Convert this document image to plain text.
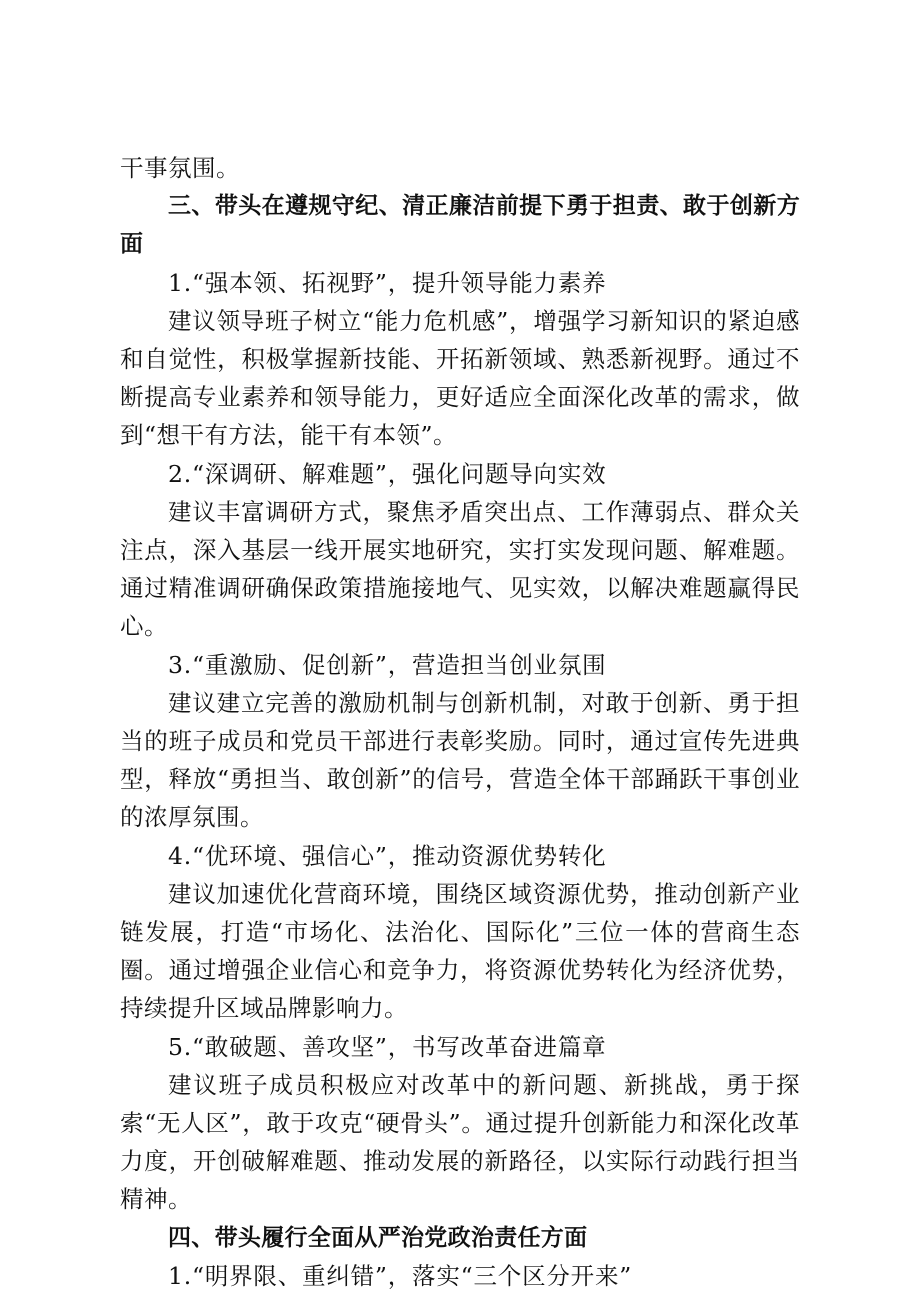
干事氛围。

三、带头在遵规守纪、清正廉洁前提下勇于担责、敢于创新方面

1.“强本领、拓视野”，提升领导能力素养

建议领导班子树立“能力危机感”，增强学习新知识的紧迫感和自觉性，积极掌握新技能、开拓新领域、熟悉新视野。通过不断提高专业素养和领导能力，更好适应全面深化改革的需求，做到“想干有方法，能干有本领”。

2.“深调研、解难题”，强化问题导向实效

建议丰富调研方式，聚焦矛盾突出点、工作薄弱点、群众关注点，深入基层一线开展实地研究，实打实发现问题、解难题。通过精准调研确保政策措施接地气、见实效，以解决难题赢得民心。

3.“重激励、促创新”，营造担当创业氛围

建议建立完善的激励机制与创新机制，对敢于创新、勇于担当的班子成员和党员干部进行表彰奖励。同时，通过宣传先进典型，释放“勇担当、敢创新”的信号，营造全体干部踊跃干事创业的浓厚氛围。

4.“优环境、强信心”，推动资源优势转化

建议加速优化营商环境，围绕区域资源优势，推动创新产业链发展，打造“市场化、法治化、国际化”三位一体的营商生态圈。通过增强企业信心和竞争力，将资源优势转化为经济优势，持续提升区域品牌影响力。

5.“敢破题、善攻坚”，书写改革奋进篇章

建议班子成员积极应对改革中的新问题、新挑战，勇于探索“无人区”，敢于攻克“硬骨头”。通过提升创新能力和深化改革力度，开创破解难题、推动发展的新路径，以实际行动践行担当精神。

四、带头履行全面从严治党政治责任方面

1.“明界限、重纠错”，落实“三个区分开来”
